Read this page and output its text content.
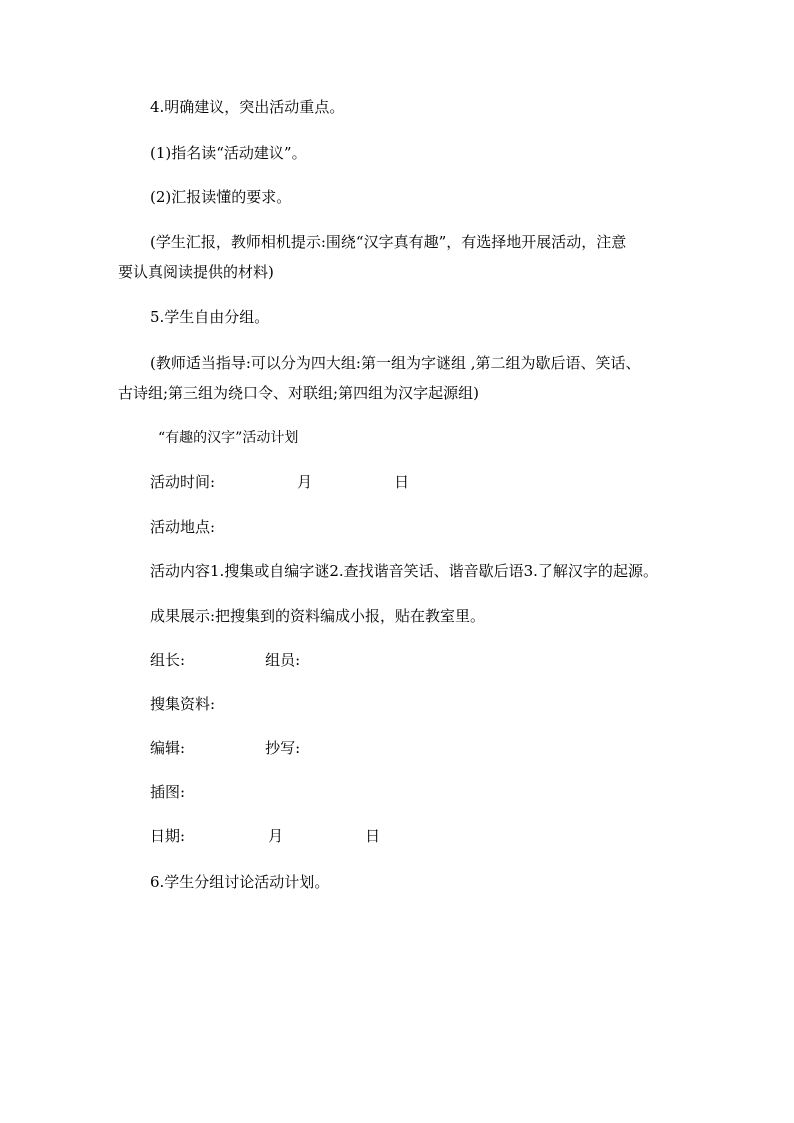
4.明确建议，突出活动重点。

(1)指名读“活动建议”。

(2)汇报读懂的要求。

(学生汇报，教师相机提示:围绕“汉字真有趣”，有选择地开展活动，注意

要认真阅读提供的材料)

5.学生自由分组。

(教师适当指导:可以分为四大组:第一组为字谜组 ,第二组为歇后语、笑话、

古诗组;第三组为绕口令、对联组;第四组为汉字起源组)

“有趣的汉字”活动计划

活动时间:	月	日

活动地点:

活动内容1.搜集或自编字谜2.查找谐音笑话、谐音歇后语3.了解汉字的起源。

成果展示:把搜集到的资料编成小报，贴在教室里。

组长:	组员:

搜集资料:

编辑:	抄写:

插图:

日期:	月	日

6.学生分组讨论活动计划。
